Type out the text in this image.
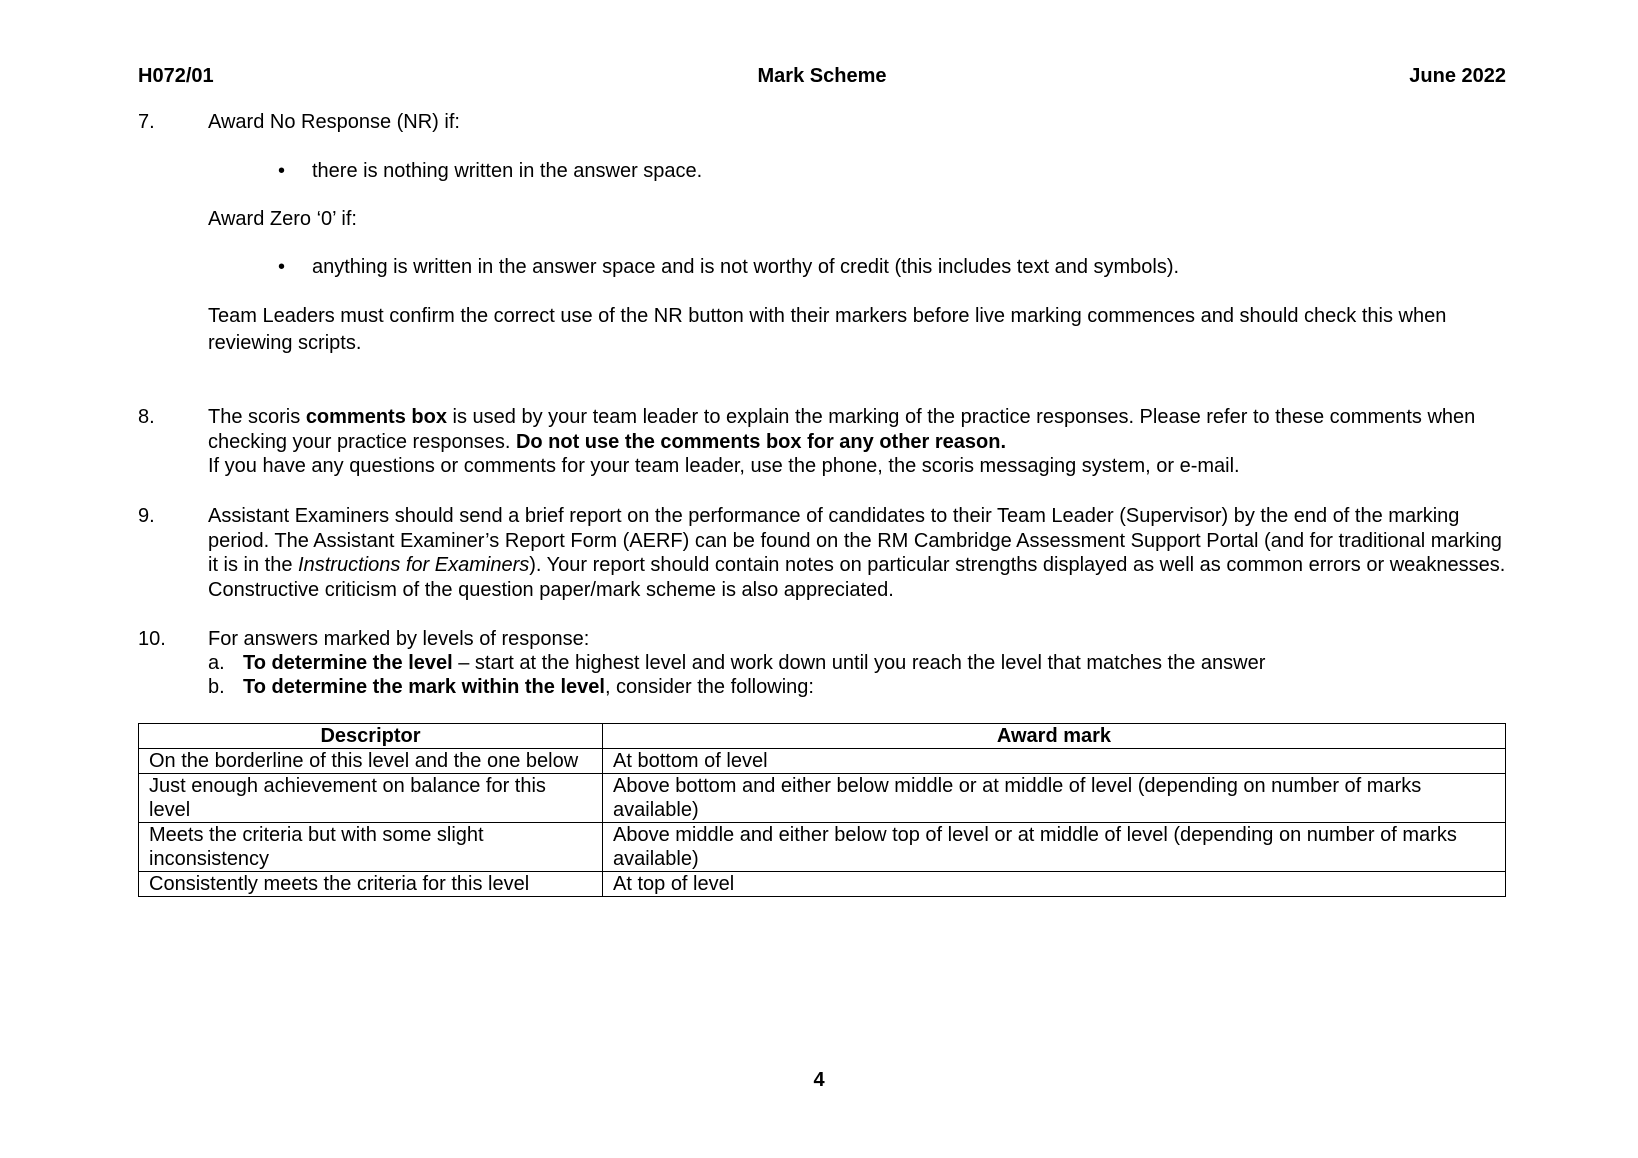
H072/01	Mark Scheme	June 2022
7.	Award No Response (NR) if:
• there is nothing written in the answer space.
Award Zero ‘0’ if:
• anything is written in the answer space and is not worthy of credit (this includes text and symbols).
Team Leaders must confirm the correct use of the NR button with their markers before live marking commences and should check this when reviewing scripts.
8.	The scoris comments box is used by your team leader to explain the marking of the practice responses. Please refer to these comments when checking your practice responses. Do not use the comments box for any other reason.
If you have any questions or comments for your team leader, use the phone, the scoris messaging system, or e-mail.
9.	Assistant Examiners should send a brief report on the performance of candidates to their Team Leader (Supervisor) by the end of the marking period. The Assistant Examiner’s Report Form (AERF) can be found on the RM Cambridge Assessment Support Portal (and for traditional marking it is in the Instructions for Examiners). Your report should contain notes on particular strengths displayed as well as common errors or weaknesses. Constructive criticism of the question paper/mark scheme is also appreciated.
10. For answers marked by levels of response:
a. To determine the level – start at the highest level and work down until you reach the level that matches the answer
b. To determine the mark within the level, consider the following:
Descriptor	Award mark
On the borderline of this level and the one below	At bottom of level
Just enough achievement on balance for this level	Above bottom and either below middle or at middle of level (depending on number of marks available)
Meets the criteria but with some slight inconsistency	Above middle and either below top of level or at middle of level (depending on number of marks available)
Consistently meets the criteria for this level	At top of level
4
